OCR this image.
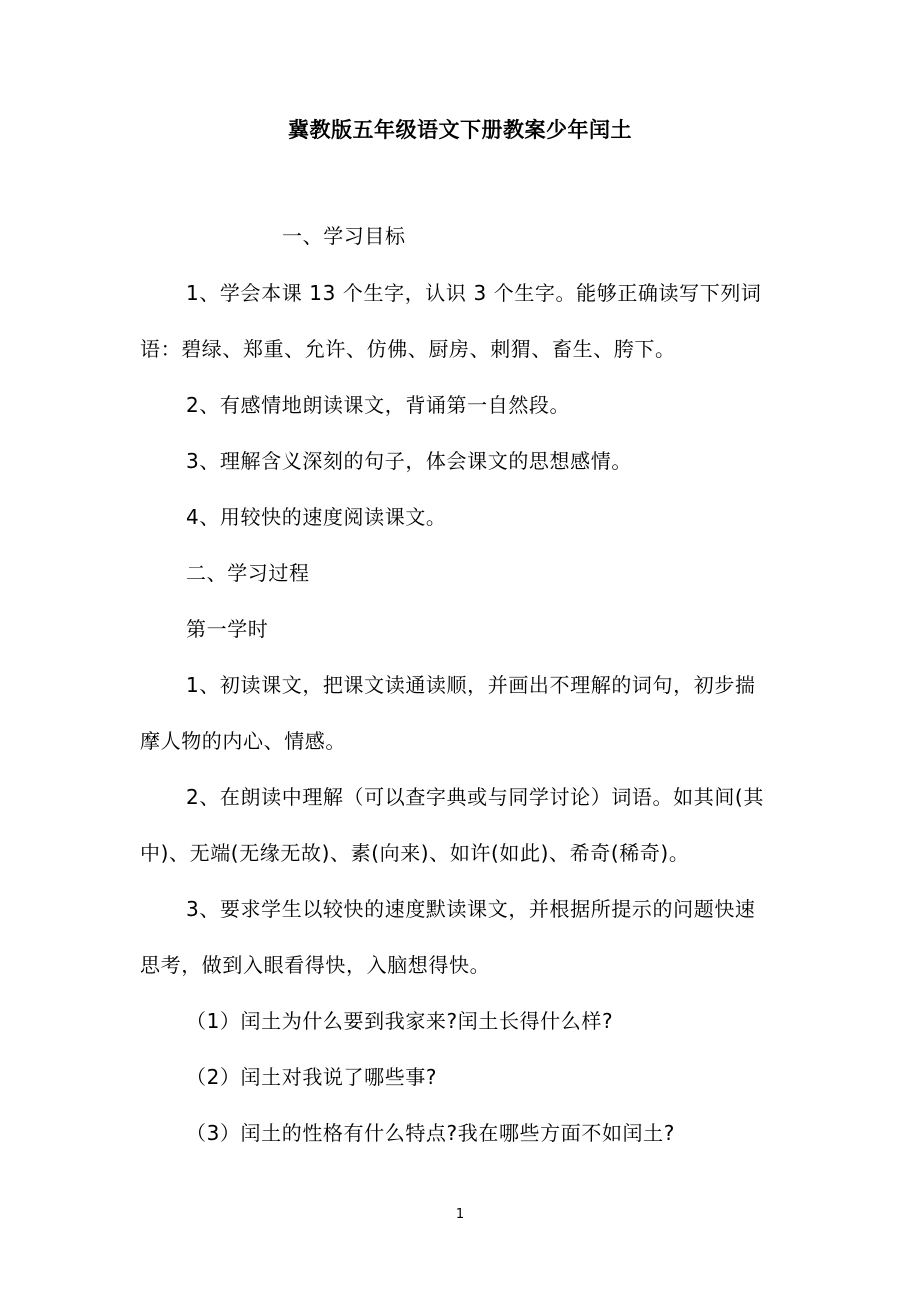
冀教版五年级语文下册教案少年闰土
一、学习目标
1、学会本课 13 个生字，认识 3 个生字。能够正确读写下列词
语：碧绿、郑重、允许、仿佛、厨房、刺猬、畜生、胯下。
2、有感情地朗读课文，背诵第一自然段。
3、理解含义深刻的句子，体会课文的思想感情。
4、用较快的速度阅读课文。
二、学习过程
第一学时
1、初读课文，把课文读通读顺，并画出不理解的词句，初步揣
摩人物的内心、情感。
2、在朗读中理解（可以查字典或与同学讨论）词语。如其间(其
中)、无端(无缘无故)、素(向来)、如许(如此)、希奇(稀奇)。
3、要求学生以较快的速度默读课文，并根据所提示的问题快速
思考，做到入眼看得快，入脑想得快。
（1）闰土为什么要到我家来?闰土长得什么样?
（2）闰土对我说了哪些事?
（3）闰土的性格有什么特点?我在哪些方面不如闰土?
1
